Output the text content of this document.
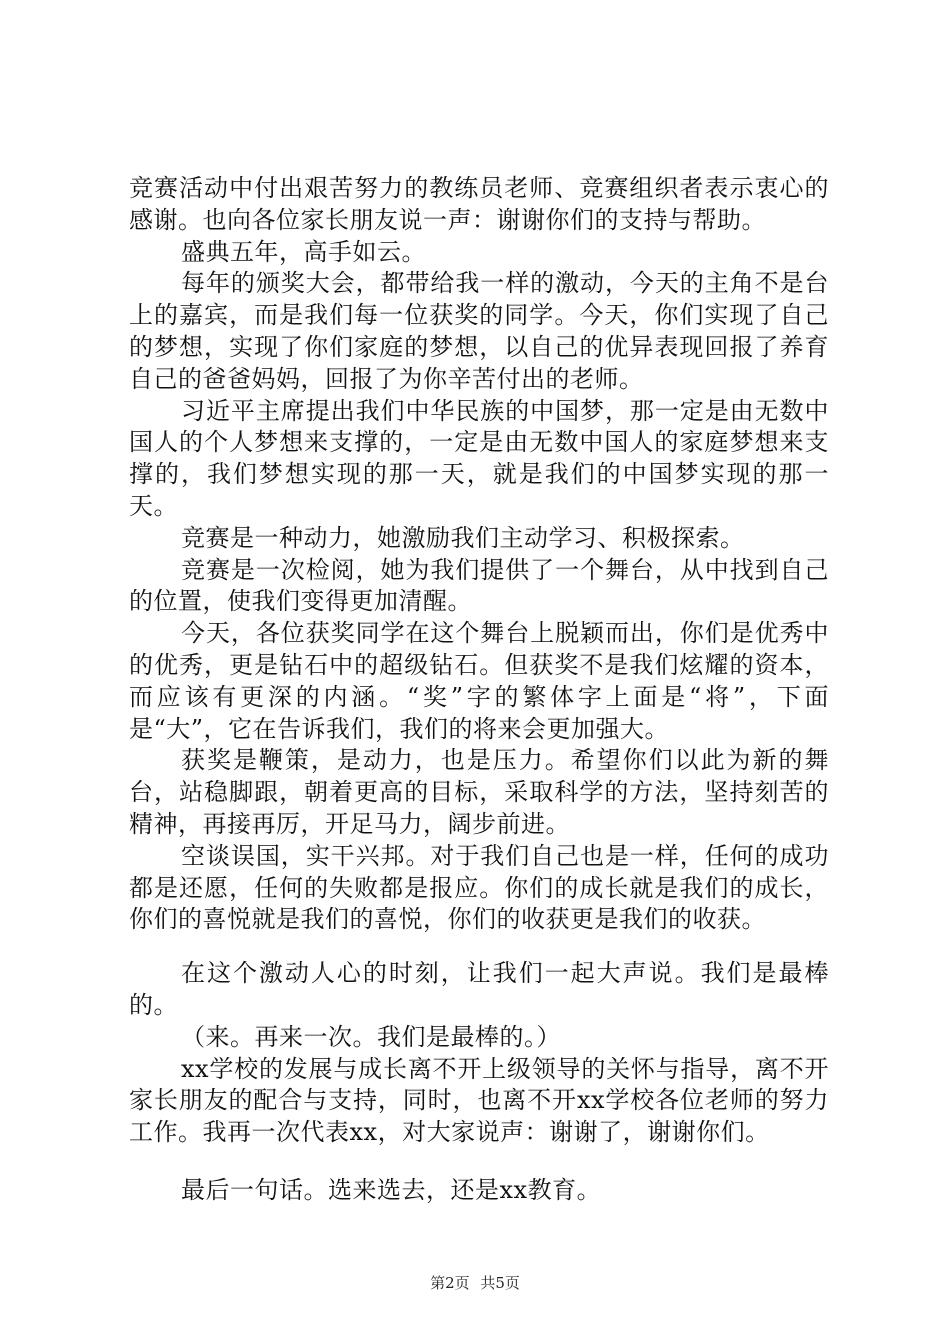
竞赛活动中付出艰苦努力的教练员老师、竞赛组织者表示衷心的感谢。也向各位家长朋友说一声：谢谢你们的支持与帮助。

盛典五年，高手如云。

每年的颁奖大会，都带给我一样的激动，今天的主角不是台上的嘉宾，而是我们每一位获奖的同学。今天，你们实现了自己的梦想，实现了你们家庭的梦想，以自己的优异表现回报了养育自己的爸爸妈妈，回报了为你辛苦付出的老师。

习近平主席提出我们中华民族的中国梦，那一定是由无数中国人的个人梦想来支撑的，一定是由无数中国人的家庭梦想来支撑的，我们梦想实现的那一天，就是我们的中国梦实现的那一天。

竞赛是一种动力，她激励我们主动学习、积极探索。

竞赛是一次检阅，她为我们提供了一个舞台，从中找到自己的位置，使我们变得更加清醒。

今天，各位获奖同学在这个舞台上脱颖而出，你们是优秀中的优秀，更是钻石中的超级钻石。但获奖不是我们炫耀的资本，而应该有更深的内涵。“奖”字的繁体字上面是“将”，下面是“大”，它在告诉我们，我们的将来会更加强大。

获奖是鞭策，是动力，也是压力。希望你们以此为新的舞台，站稳脚跟，朝着更高的目标，采取科学的方法，坚持刻苦的精神，再接再厉，开足马力，阔步前进。

空谈误国，实干兴邦。对于我们自己也是一样，任何的成功都是还愿，任何的失败都是报应。你们的成长就是我们的成长，你们的喜悦就是我们的喜悦，你们的收获更是我们的收获。

在这个激动人心的时刻，让我们一起大声说。我们是最棒的。

（来。再来一次。我们是最棒的。）

xx学校的发展与成长离不开上级领导的关怀与指导，离不开家长朋友的配合与支持，同时，也离不开xx学校各位老师的努力工作。我再一次代表xx，对大家说声：谢谢了，谢谢你们。

最后一句话。选来选去，还是xx教育。

第2页 共5页
